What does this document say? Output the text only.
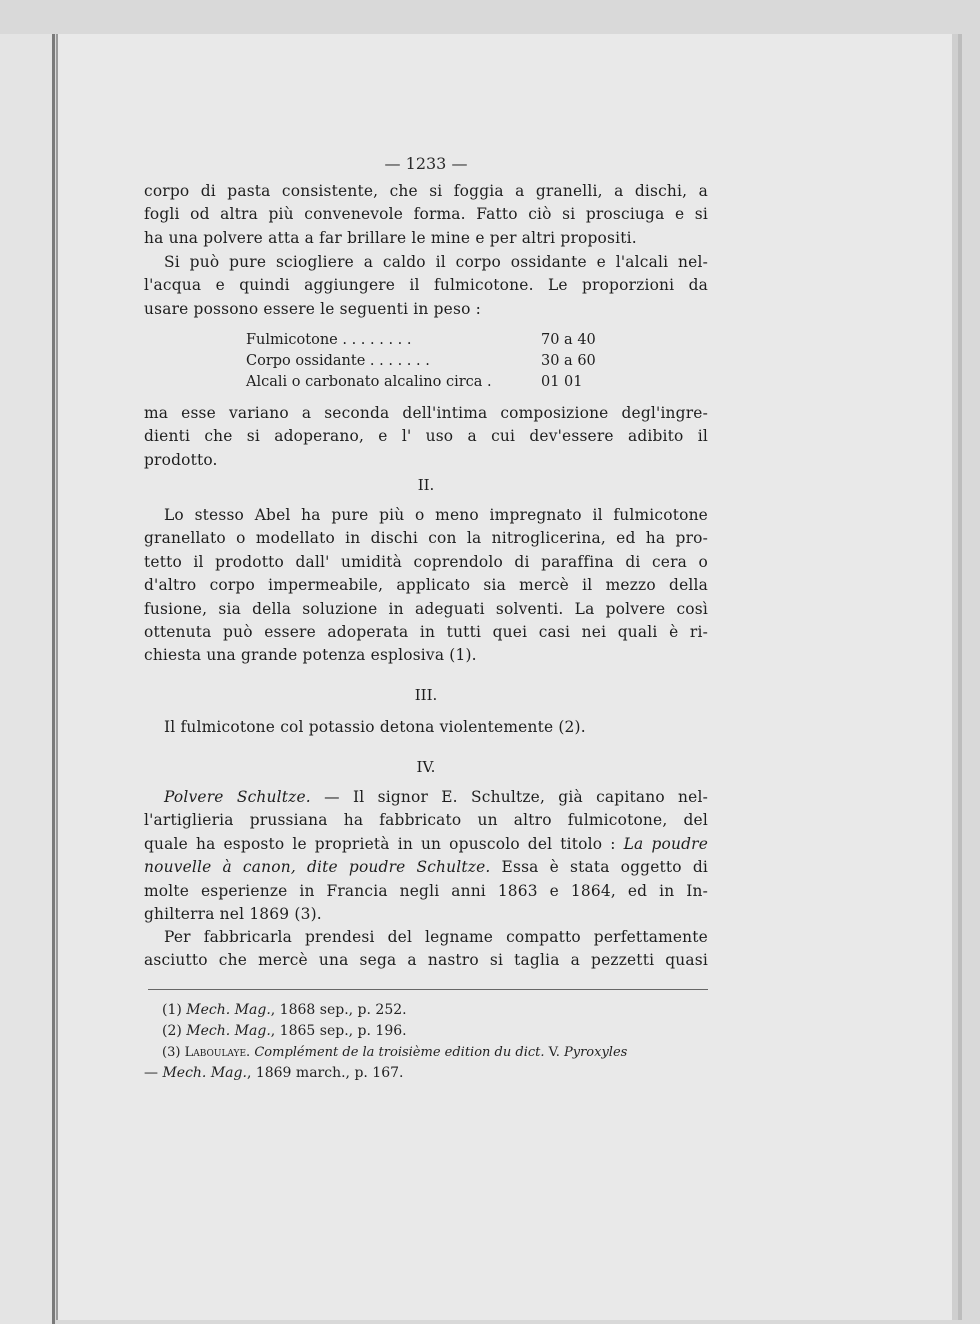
— 1233 —
corpo di pasta consistente, che si foggia a granelli, a dischi, a
fogli od altra più convenevole forma. Fatto ciò si prosciuga e si
ha una polvere atta a far brillare le mine e per altri propositi.
Si può pure sciogliere a caldo il corpo ossidante e l'alcali nel-
l'acqua e quindi aggiungere il fulmicotone. Le proporzioni da
usare possono essere le seguenti in peso :
Fulmicotone . . . . . . . .	70 a 40
Corpo ossidante . . . . . . .	30 a 60
Alcali o carbonato alcalino circa .	01 01
ma esse variano a seconda dell'intima composizione degl'ingre-
dienti che si adoperano, e l' uso a cui dev'essere adibito il
prodotto.
II.
Lo stesso Abel ha pure più o meno impregnato il fulmicotone
granellato o modellato in dischi con la nitroglicerina, ed ha pro-
tetto il prodotto dall' umidità coprendolo di paraffina di cera o
d'altro corpo impermeabile, applicato sia mercè il mezzo della
fusione, sia della soluzione in adeguati solventi. La polvere così
ottenuta può essere adoperata in tutti quei casi nei quali è ri-
chiesta una grande potenza esplosiva (1).
III.
Il fulmicotone col potassio detona violentemente (2).
IV.
Polvere Schultze. — Il signor E. Schultze, già capitano nel-
l'artiglieria prussiana ha fabbricato un altro fulmicotone, del
quale ha esposto le proprietà in un opuscolo del titolo : La poudre
nouvelle à canon, dite poudre Schultze. Essa è stata oggetto di
molte esperienze in Francia negli anni 1863 e 1864, ed in In-
ghilterra nel 1869 (3).
Per fabbricarla prendesi del legname compatto perfettamente
asciutto che mercè una sega a nastro si taglia a pezzetti quasi
(1) Mech. Mag., 1868 sep., p. 252.
(2) Mech. Mag., 1865 sep., p. 196.
(3) Laboulaye. Complément de la troisième edition du dict. V. Pyroxyles
— Mech. Mag., 1869 march., p. 167.
